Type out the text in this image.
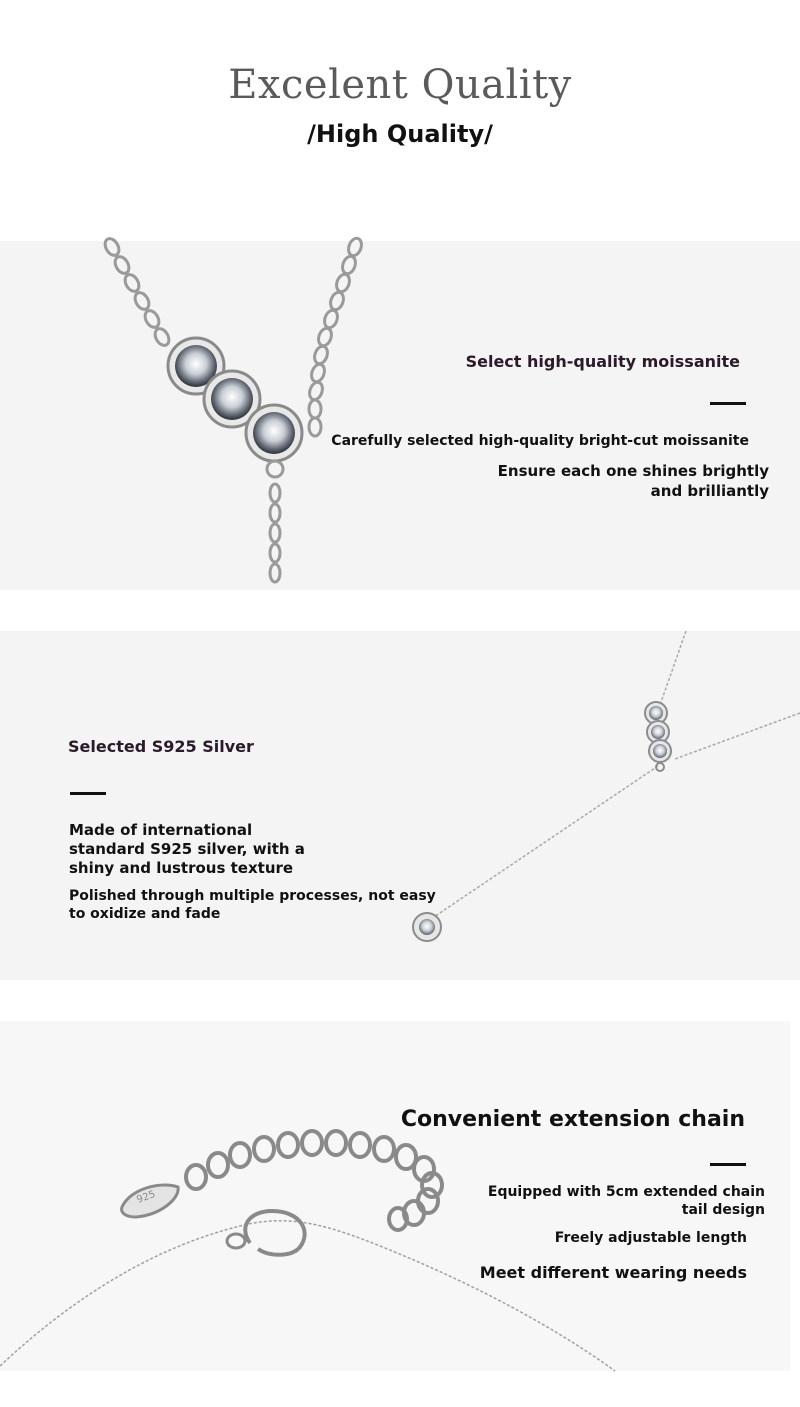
Excelent Quality
/High Quality/
Select high-quality moissanite
Carefully selected high-quality bright-cut moissanite
Ensure each one shines brightly
and brilliantly
Selected S925 Silver
Made of international
standard S925 silver, with a
shiny and lustrous texture
Polished through multiple processes, not easy
to oxidize and fade
925
Convenient extension chain
Equipped with 5cm extended chain
tail design
Freely adjustable length
Meet different wearing needs
